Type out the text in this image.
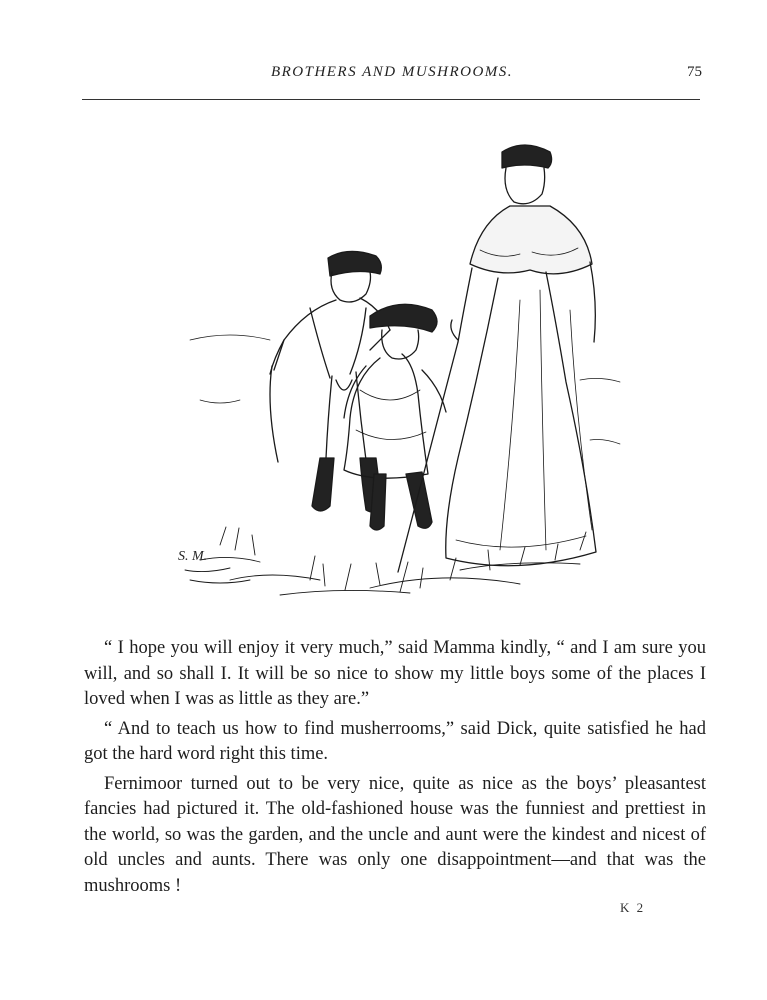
BROTHERS AND MUSHROOMS.	75
S. M.

“ I hope you will enjoy it very much,” said Mamma kindly, “ and I am sure you will, and so shall I. It will be so nice to show my little boys some of the places I loved when I was as little as they are.”

“ And to teach us how to find musherrooms,” said Dick, quite satisfied he had got the hard word right this time.

Fernimoor turned out to be very nice, quite as nice as the boys’ pleasantest fancies had pictured it. The old-fashioned house was the funniest and prettiest in the world, so was the garden, and the uncle and aunt were the kindest and nicest of old uncles and aunts. There was only one disappointment—and that was the mushrooms !

K 2
